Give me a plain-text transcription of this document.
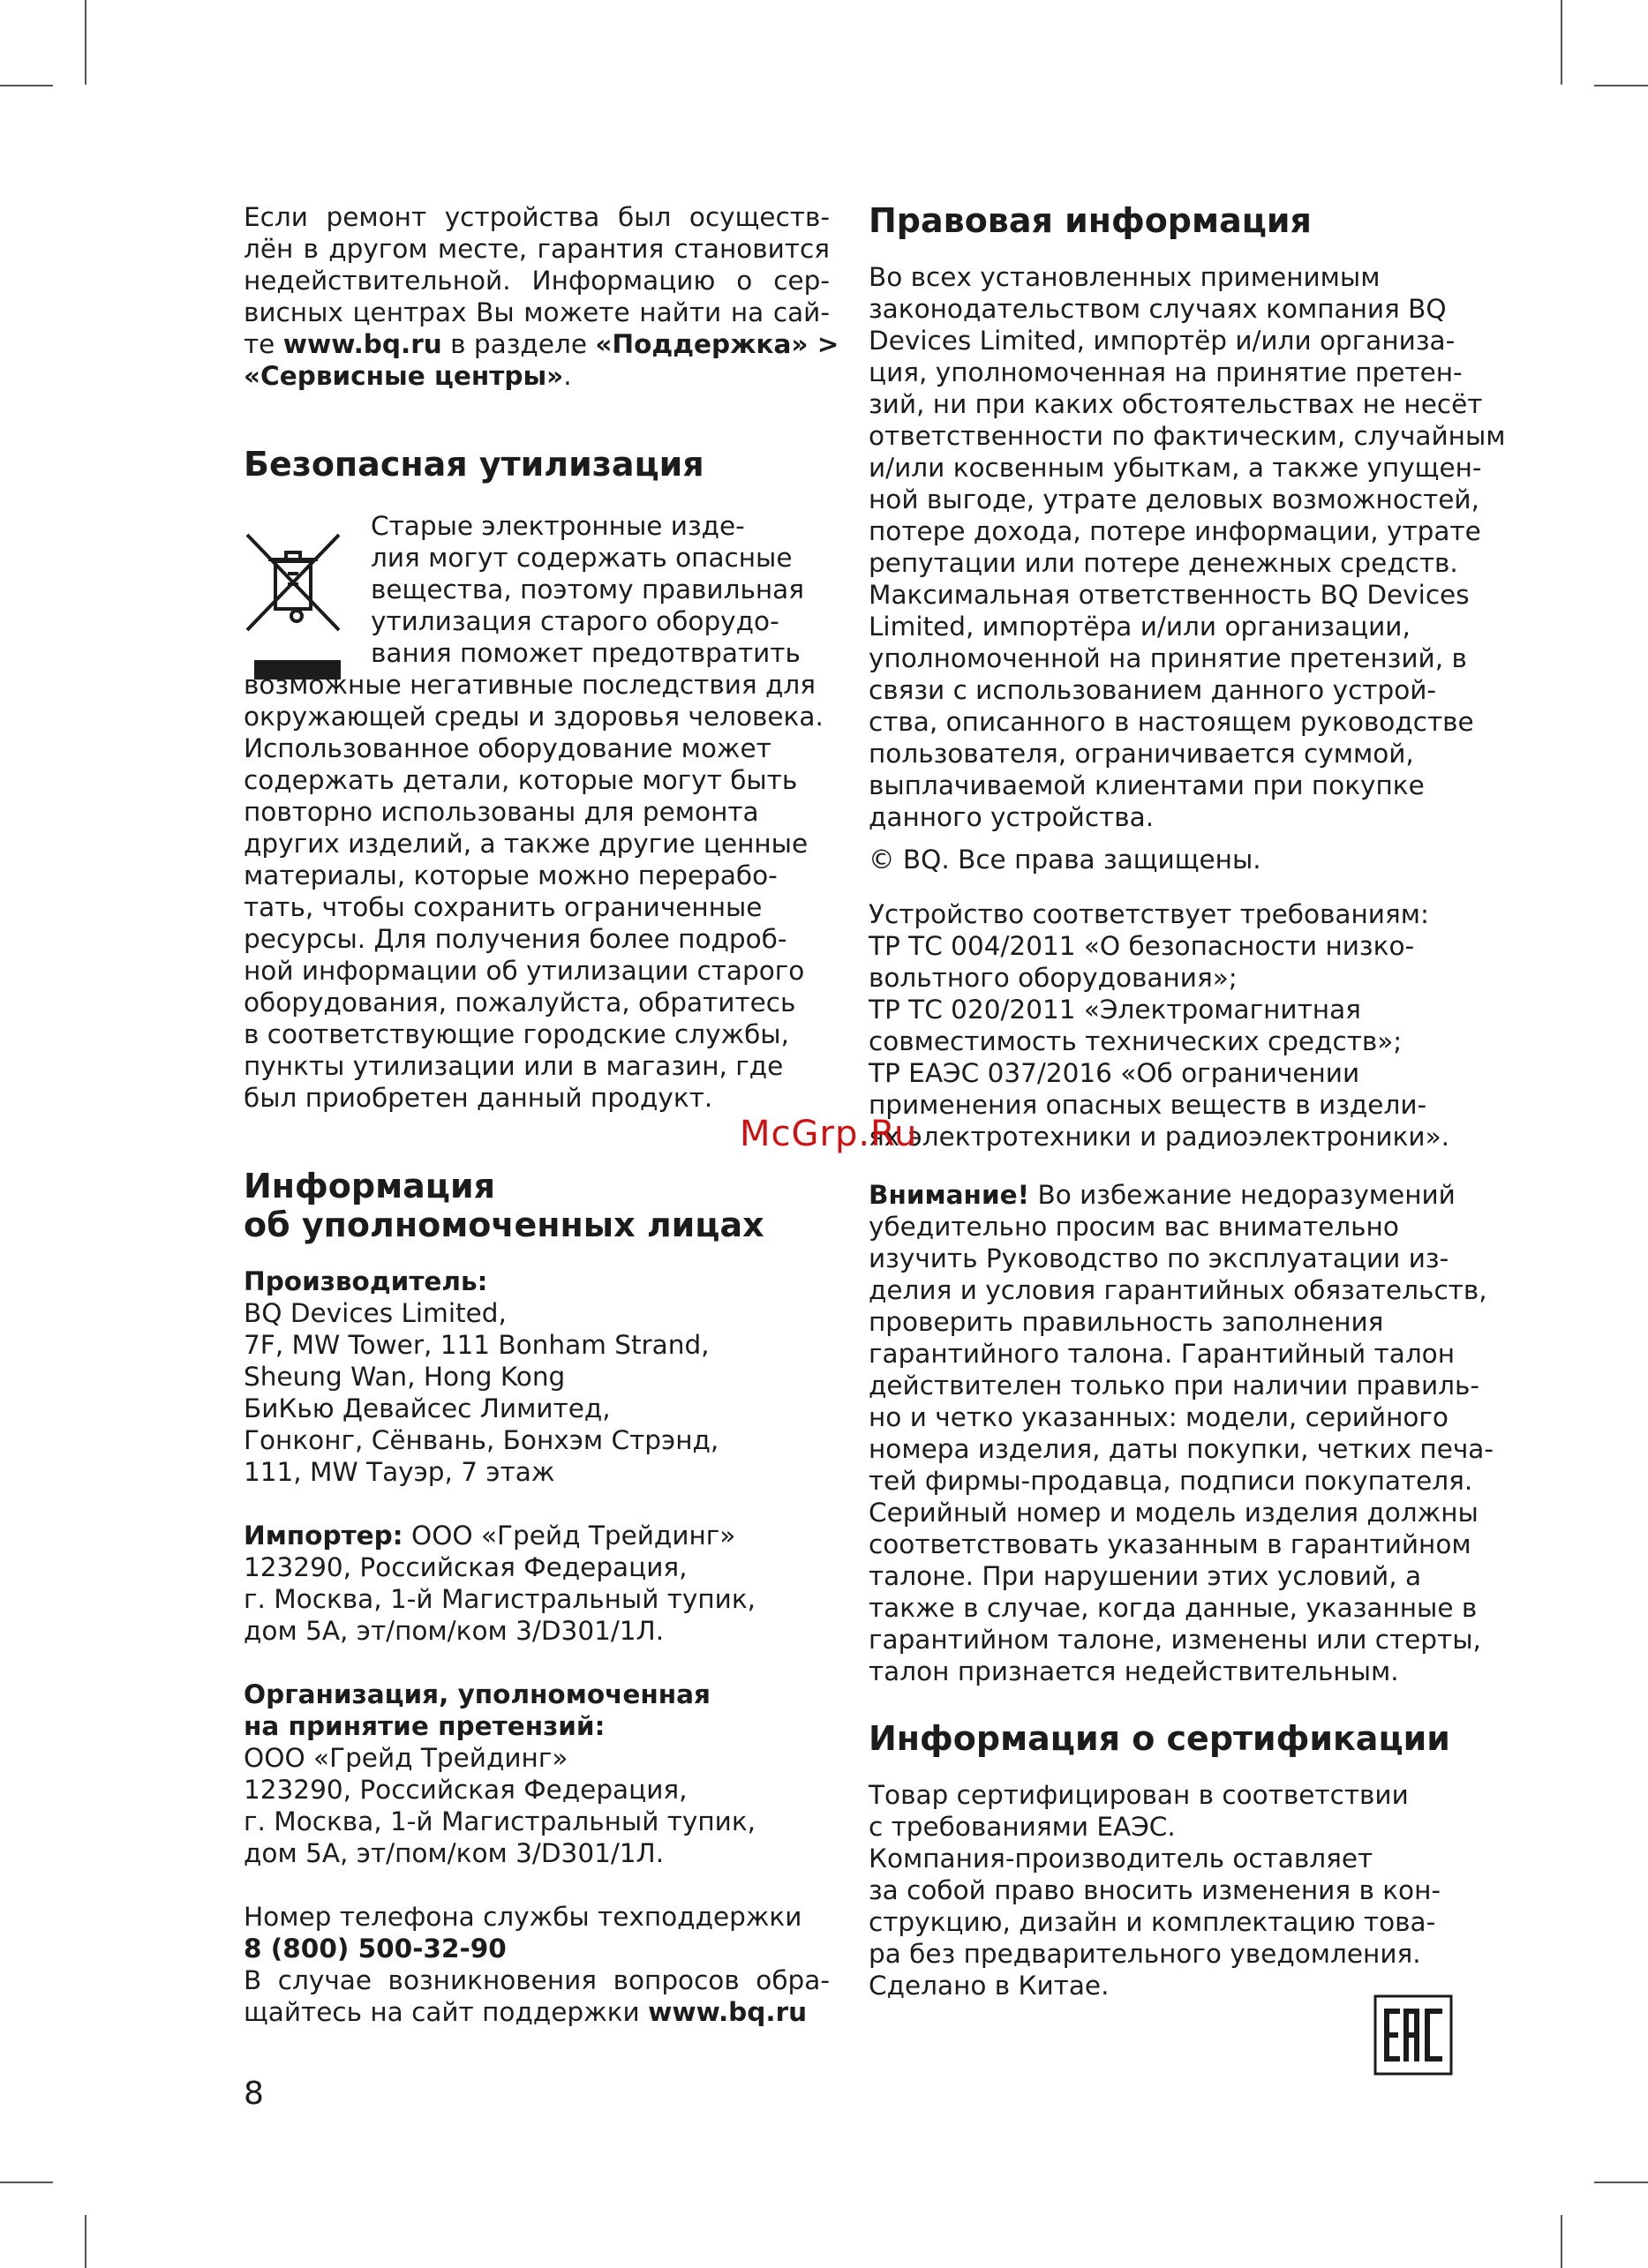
Если ремонт устройства был осуществ-
лён в другом месте, гарантия становится
недействительной. Информацию о сер-
висных центрах Вы можете найти на сай-
те www.bq.ru в разделе «Поддержка» >
«Сервисные центры».
Безопасная утилизация
Старые электронные изде-
лия могут содержать опасные
вещества, поэтому правильная
утилизация старого оборудо-
вания поможет предотвратить
возможные негативные последствия для
окружающей среды и здоровья человека.
Использованное оборудование может
содержать детали, которые могут быть
повторно использованы для ремонта
других изделий, а также другие ценные
материалы, которые можно перерабо-
тать, чтобы сохранить ограниченные
ресурсы. Для получения более подроб-
ной информации об утилизации старого
оборудования, пожалуйста, обратитесь
в соответствующие городские службы,
пункты утилизации или в магазин, где
был приобретен данный продукт.
Информация
об уполномоченных лицах
Производитель:
BQ Devices Limited,
7F, MW Tower, 111 Bonham Strand,
Sheung Wan, Hong Kong
БиКью Девайсес Лимитед,
Гонконг, Сёнвань, Бонхэм Стрэнд,
111, MW Тауэр, 7 этаж
Импортер: ООО «Грейд Трейдинг»
123290, Российская Федерация,
г. Москва, 1-й Магистральный тупик,
дом 5А, эт/пом/ком 3/D301/1Л.
Организация, уполномоченная
на принятие претензий:
ООО «Грейд Трейдинг»
123290, Российская Федерация,
г. Москва, 1-й Магистральный тупик,
дом 5А, эт/пом/ком 3/D301/1Л.
Номер телефона службы техподдержки
8 (800) 500-32-90
В случае возникновения вопросов обра-
щайтесь на сайт поддержки www.bq.ru
Правовая информация
Во всех установленных применимым
законодательством случаях компания BQ
Devices Limited, импортёр и/или организа-
ция, уполномоченная на принятие претен-
зий, ни при каких обстоятельствах не несёт
ответственности по фактическим, случайным
и/или косвенным убыткам, а также упущен-
ной выгоде, утрате деловых возможностей,
потере дохода, потере информации, утрате
репутации или потере денежных средств.
Максимальная ответственность BQ Devices
Limited, импортёра и/или организации,
уполномоченной на принятие претензий, в
связи с использованием данного устрой-
ства, описанного в настоящем руководстве
пользователя, ограничивается суммой,
выплачиваемой клиентами при покупке
данного устройства.
© BQ. Все права защищены.
Устройство соответствует требованиям:
ТР ТС 004/2011 «О безопасности низко-
вольтного оборудования»;
ТР ТС 020/2011 «Электромагнитная
совместимость технических средств»;
ТР ЕАЭС 037/2016 «Об ограничении
применения опасных веществ в издели-
ях электротехники и радиоэлектроники».
Внимание! Во избежание недоразумений
убедительно просим вас внимательно
изучить Руководство по эксплуатации из-
делия и условия гарантийных обязательств,
проверить правильность заполнения
гарантийного талона. Гарантийный талон
действителен только при наличии правиль-
но и четко указанных: модели, серийного
номера изделия, даты покупки, четких печа-
тей фирмы-продавца, подписи покупателя.
Серийный номер и модель изделия должны
соответствовать указанным в гарантийном
талоне. При нарушении этих условий, а
также в случае, когда данные, указанные в
гарантийном талоне, изменены или стерты,
талон признается недействительным.
Информация о сертификации
Товар сертифицирован в соответствии
с требованиями ЕАЭС.
Компания-производитель оставляет
за собой право вносить изменения в кон-
струкцию, дизайн и комплектацию това-
ра без предварительного уведомления.
Сделано в Китае.
8
McGrp.Ru
